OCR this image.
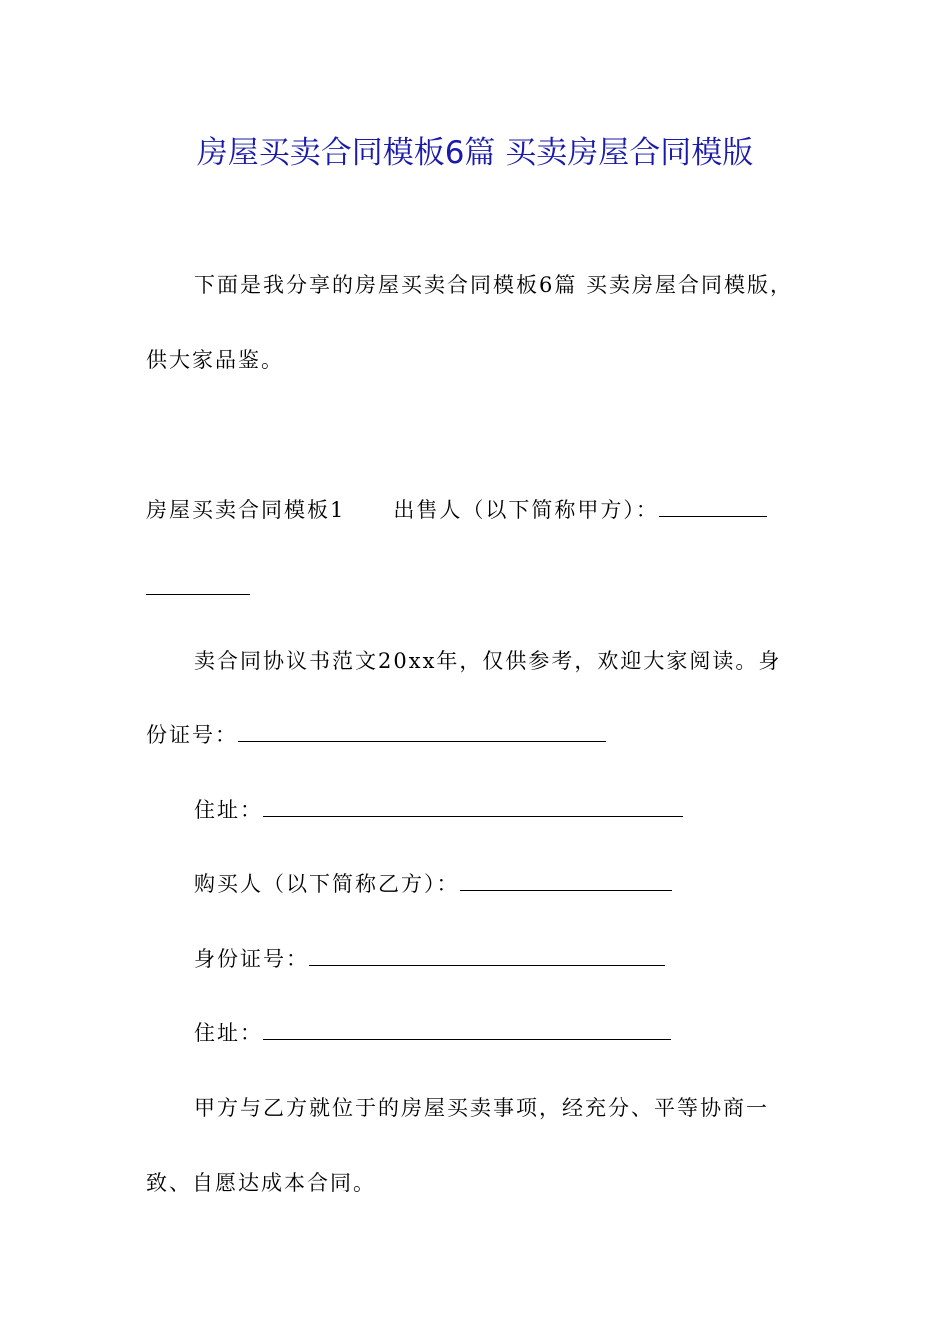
房屋买卖合同模板6篇 买卖房屋合同模版
下面是我分享的房屋买卖合同模板6篇 买卖房屋合同模版，
供大家品鉴。
房屋买卖合同模板1 出售人（以下简称甲方）：
卖合同协议书范文20xx年，仅供参考，欢迎大家阅读。身
份证号：
住址：
购买人（以下简称乙方）：
身份证号：
住址：
甲方与乙方就位于的房屋买卖事项，经充分、平等协商一
致、自愿达成本合同。
